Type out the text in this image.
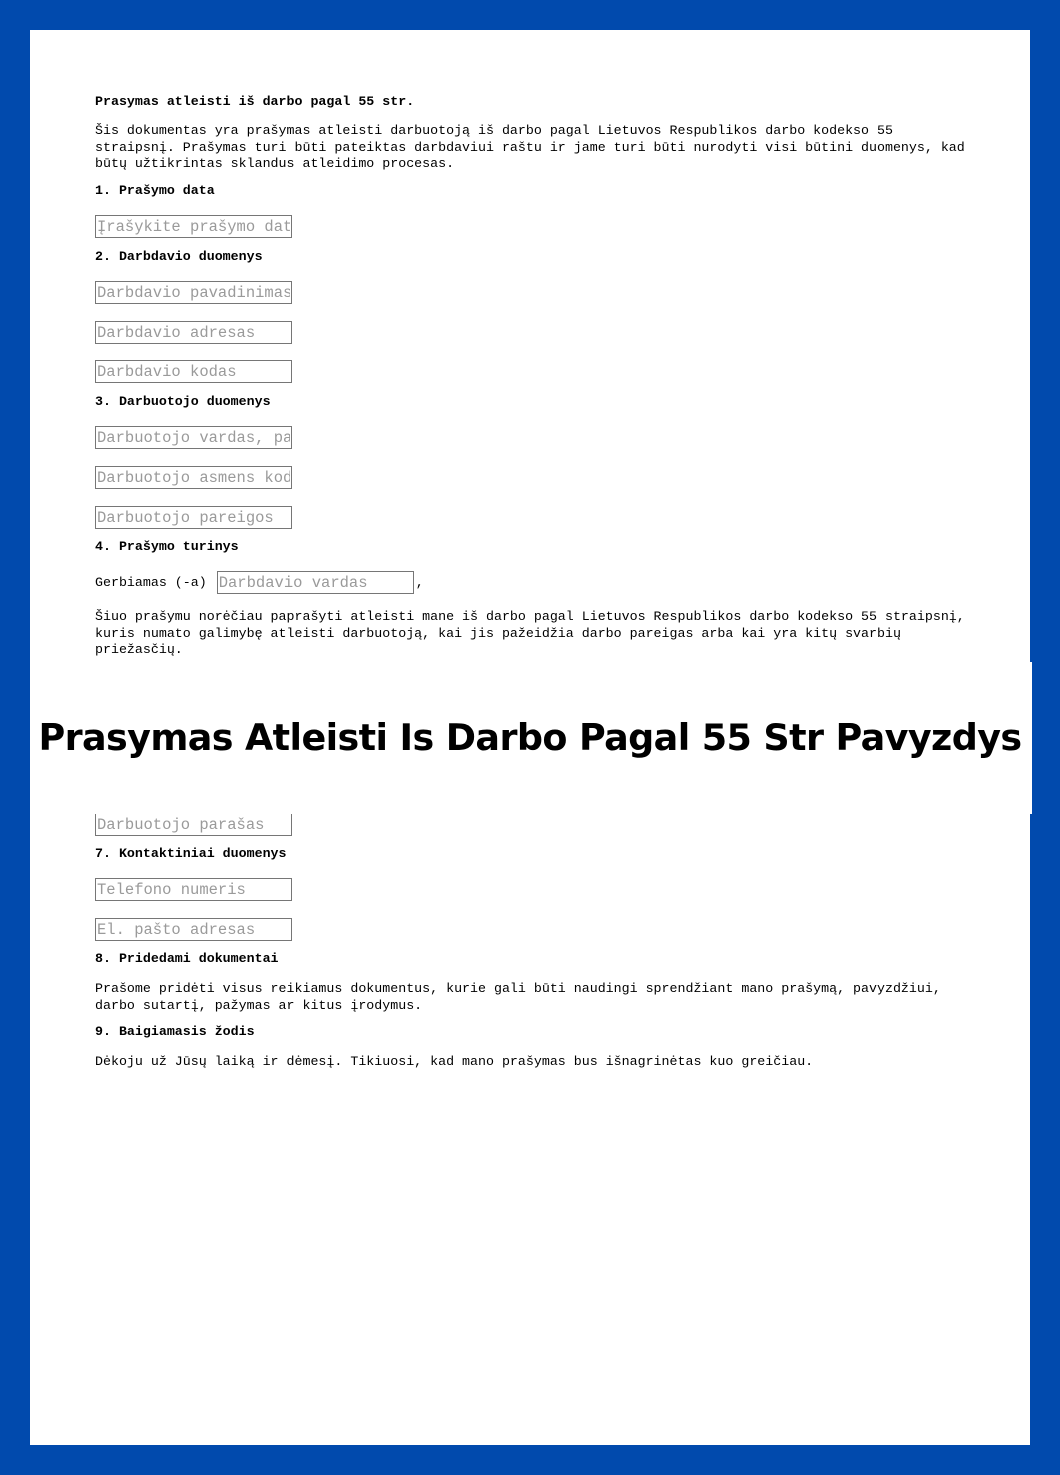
Prasymas atleisti iš darbo pagal 55 str.

Šis dokumentas yra prašymas atleisti darbuotoją iš darbo pagal Lietuvos Respublikos darbo kodekso 55 straipsnį. Prašymas turi būti pateiktas darbdaviui raštu ir jame turi būti nurodyti visi būtini duomenys, kad būtų užtikrintas sklandus atleidimo procesas.

1. Prašymo data

Įrašykite prašymo datą

2. Darbdavio duomenys

Darbdavio pavadinimas
Darbdavio adresas
Darbdavio kodas

3. Darbuotojo duomenys

Darbuotojo vardas, pavardė
Darbuotojo asmens kodas
Darbuotojo pareigos

4. Prašymo turinys

Gerbiamas (-a) Darbdavio vardas	,

Šiuo prašymu norėčiau paprašyti atleisti mane iš darbo pagal Lietuvos Respublikos darbo kodekso 55 straipsnį, kuris numato galimybę atleisti darbuotoją, kai jis pažeidžia darbo pareigas arba kai yra kitų svarbių priežasčių.

Darbuotojo parašas

7. Kontaktiniai duomenys

Telefono numeris
El. pašto adresas

8. Pridedami dokumentai

Prašome pridėti visus reikiamus dokumentus, kurie gali būti naudingi sprendžiant mano prašymą, pavyzdžiui, darbo sutartį, pažymas ar kitus įrodymus.

9. Baigiamasis žodis

Dėkoju už Jūsų laiką ir dėmesį. Tikiuosi, kad mano prašymas bus išnagrinėtas kuo greičiau.

Prasymas Atleisti Is Darbo Pagal 55 Str Pavyzdys
